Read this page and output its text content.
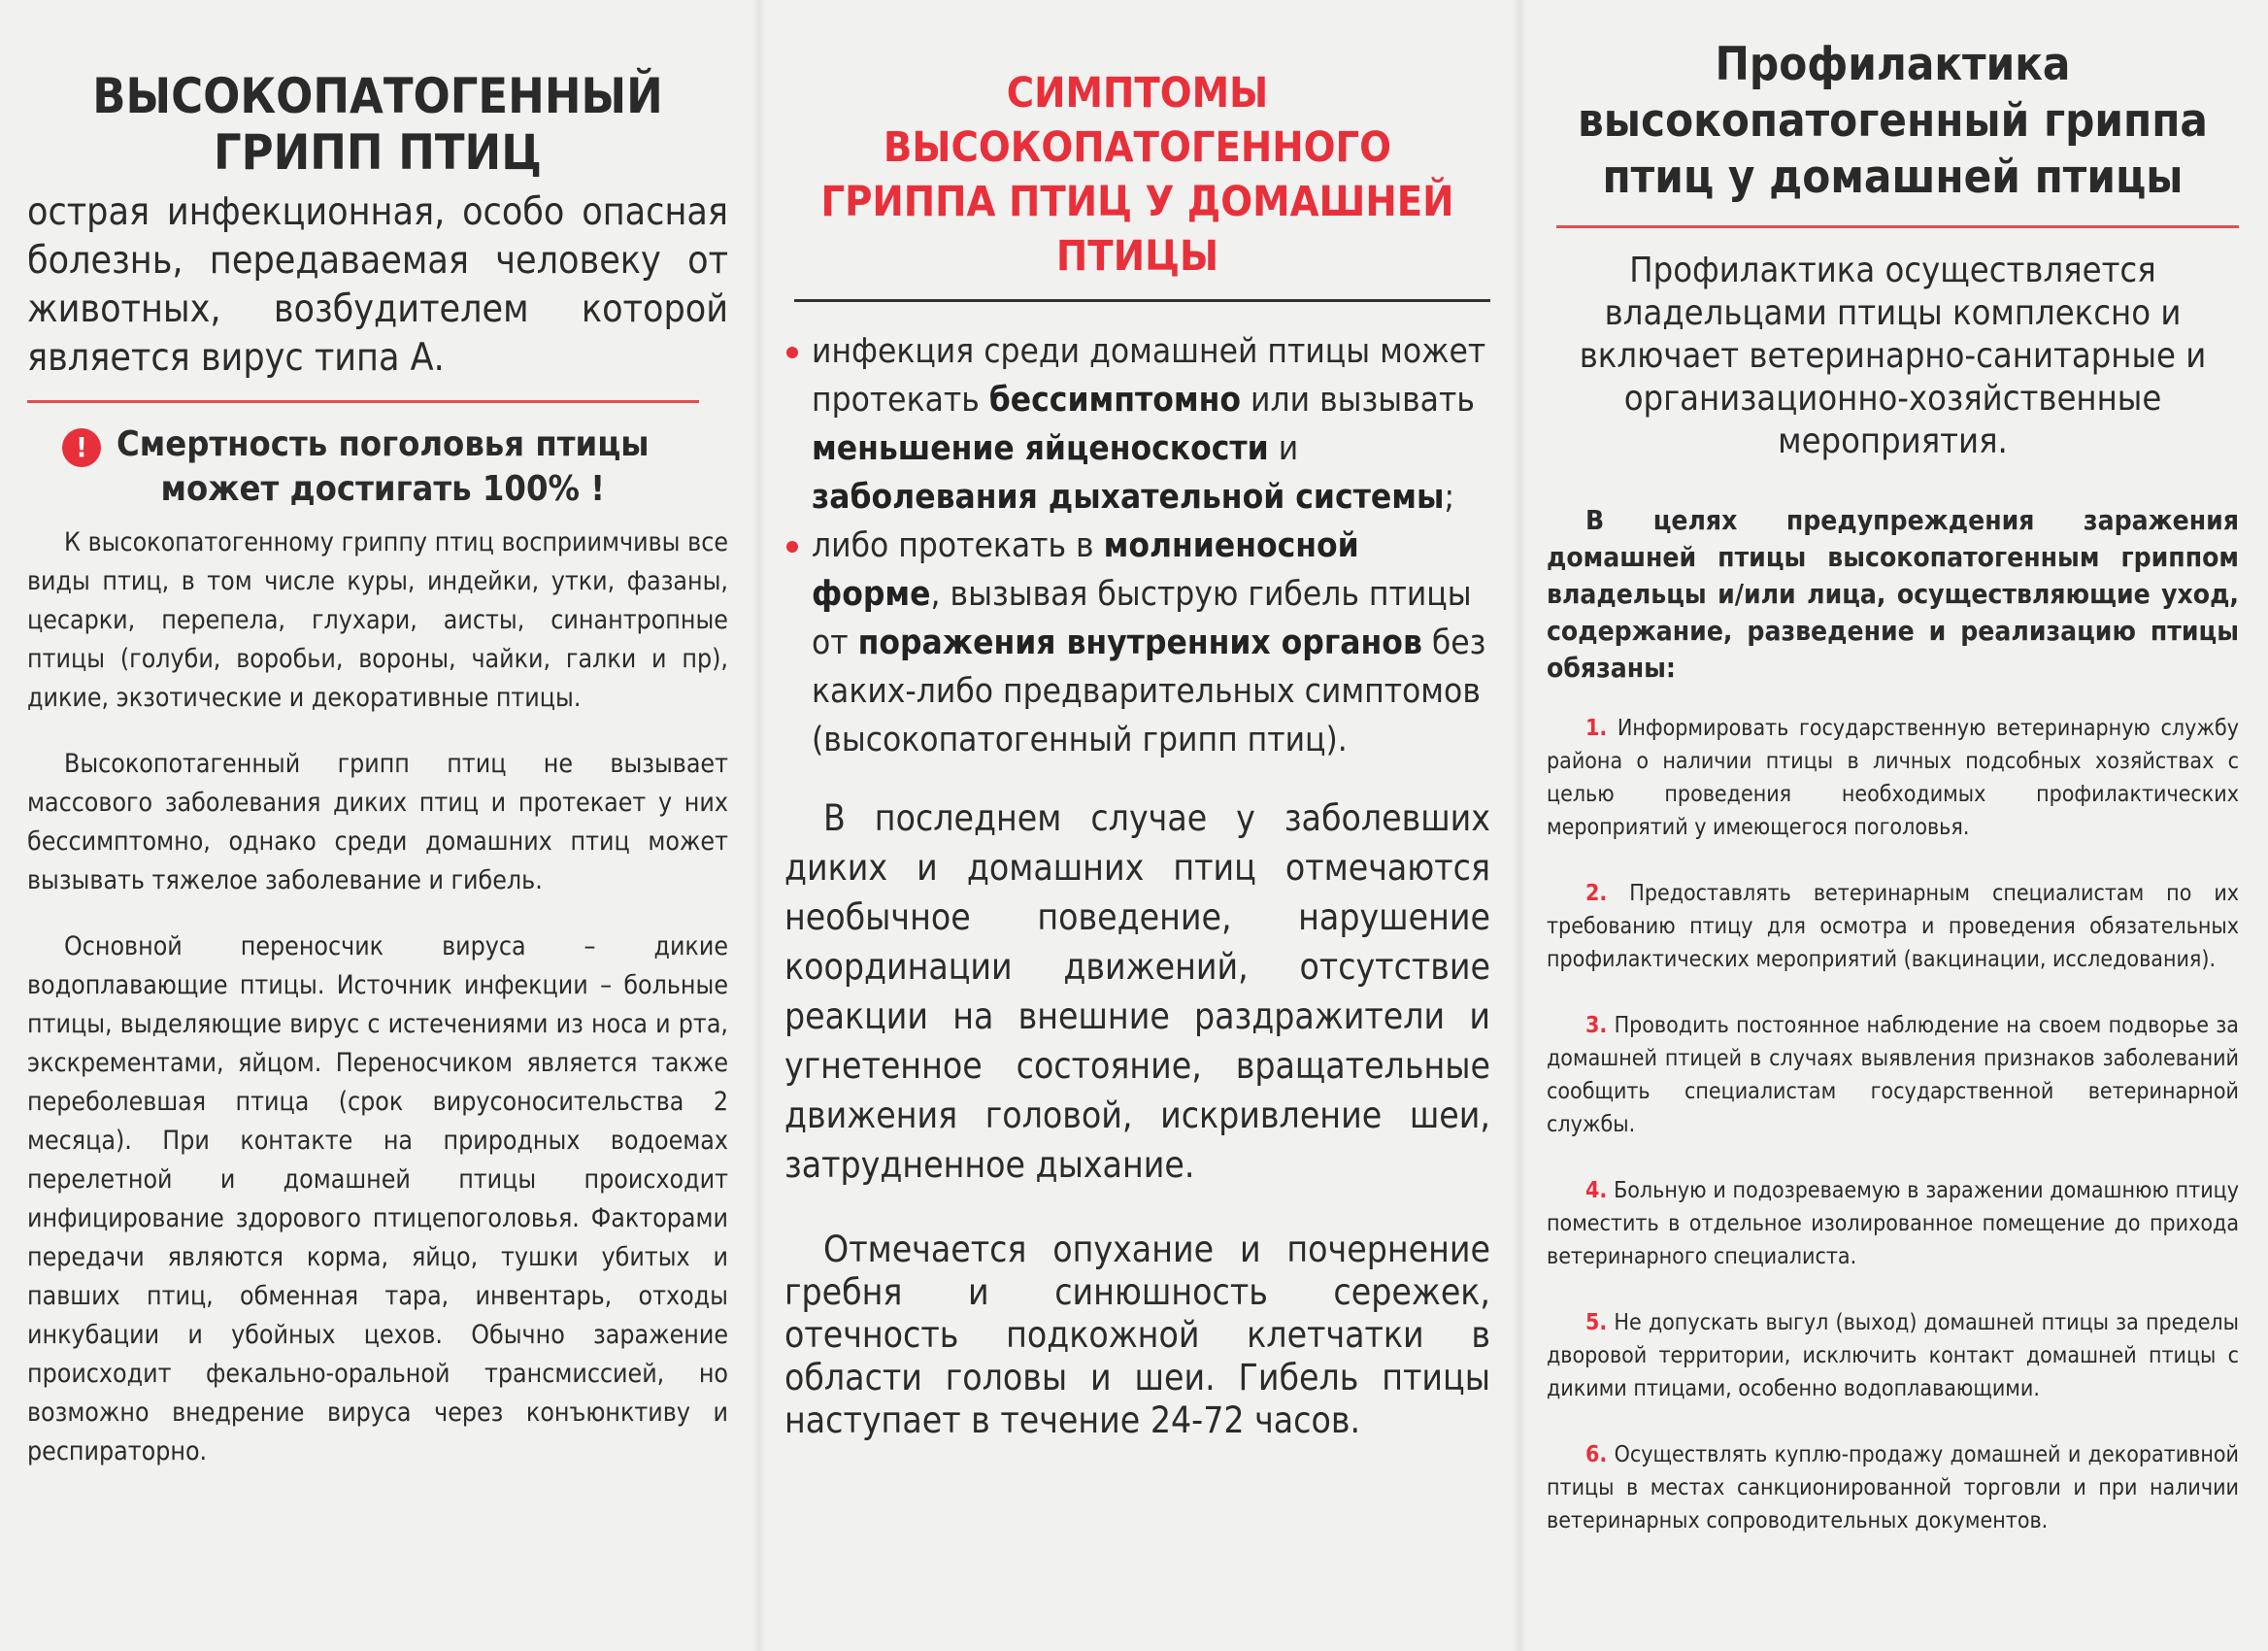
ВЫСОКОПАТОГЕННЫЙ
ГРИПП ПТИЦ

острая инфекционная, особо опасная болезнь, передаваемая человеку от животных, возбудителем которой является вирус типа А.

! Смертность поголовья птицы
может достигать 100% !

К высокопатогенному гриппу птиц восприимчивы все виды птиц, в том числе куры, индейки, утки, фазаны, цесарки, перепела, глухари, аисты, синантропные птицы (голуби, воробьи, вороны, чайки, галки и пр), дикие, экзотические и декоративные птицы.

Высокопотагенный грипп птиц не вызывает массового заболевания диких птиц и протекает у них бессимптомно, однако среди домашних птиц может вызывать тяжелое заболевание и гибель.

Основной переносчик вируса – дикие водоплавающие птицы. Источник инфекции – больные птицы, выделяющие вирус с истечениями из носа и рта, экскрементами, яйцом. Переносчиком является также переболевшая птица (срок вирусоносительства 2 месяца). При контакте на природных водоемах перелетной и домашней птицы происходит инфицирование здорового птицепоголовья. Факторами передачи являются корма, яйцо, тушки убитых и павших птиц, обменная тара, инвентарь, отходы инкубации и убойных цехов. Обычно заражение происходит фекально-оральной трансмиссией, но возможно внедрение вируса через конъюнктиву и респираторно.

СИМПТОМЫ ВЫСОКОПАТОГЕННОГО
ГРИППА ПТИЦ У ДОМАШНЕЙ ПТИЦЫ
инфекция среди домашней птицы может протекать бессимптомно или вызывать меньшение яйценоскости и заболевания дыхательной системы;
либо протекать в молниеносной форме, вызывая быструю гибель птицы от поражения внутренних органов без каких-либо предварительных симптомов (высокопатогенный грипп птиц).

В последнем случае у заболевших диких и домашних птиц отмечаются необычное поведение, нарушение координации движений, отсутствие реакции на внешние раздражители и угнетенное состояние, вращательные движения головой, искривление шеи, затрудненное дыхание.

Отмечается опухание и почернение гребня и синюшность сережек, отечность подкожной клетчатки в области головы и шеи. Гибель птицы наступает в течение 24-72 часов.

Профилактика
высокопатогенный гриппа
птиц у домашней птицы

Профилактика осуществляется владельцами птицы комплексно и включает ветеринарно-санитарные и организационно-хозяйственные мероприятия.

В целях предупреждения заражения домашней птицы высокопатогенным гриппом владельцы и/или лица, осуществляющие уход, содержание, разведение и реализацию птицы обязаны:

1. Информировать государственную ветеринарную службу района о наличии птицы в личных подсобных хозяйствах с целью проведения необходимых профилактических мероприятий у имеющегося поголовья.

2. Предоставлять ветеринарным специалистам по их требованию птицу для осмотра и проведения обязательных профилактических мероприятий (вакцинации, исследования).

3. Проводить постоянное наблюдение на своем подворье за домашней птицей в случаях выявления признаков заболеваний сообщить специалистам государственной ветеринарной службы.

4. Больную и подозреваемую в заражении домашнюю птицу поместить в отдельное изолированное помещение до прихода ветеринарного специалиста.

5. Не допускать выгул (выход) домашней птицы за пределы дворовой территории, исключить контакт домашней птицы с дикими птицами, особенно водоплавающими.

6. Осуществлять куплю-продажу домашней и декоративной птицы в местах санкционированной торговли и при наличии ветеринарных сопроводительных документов.
